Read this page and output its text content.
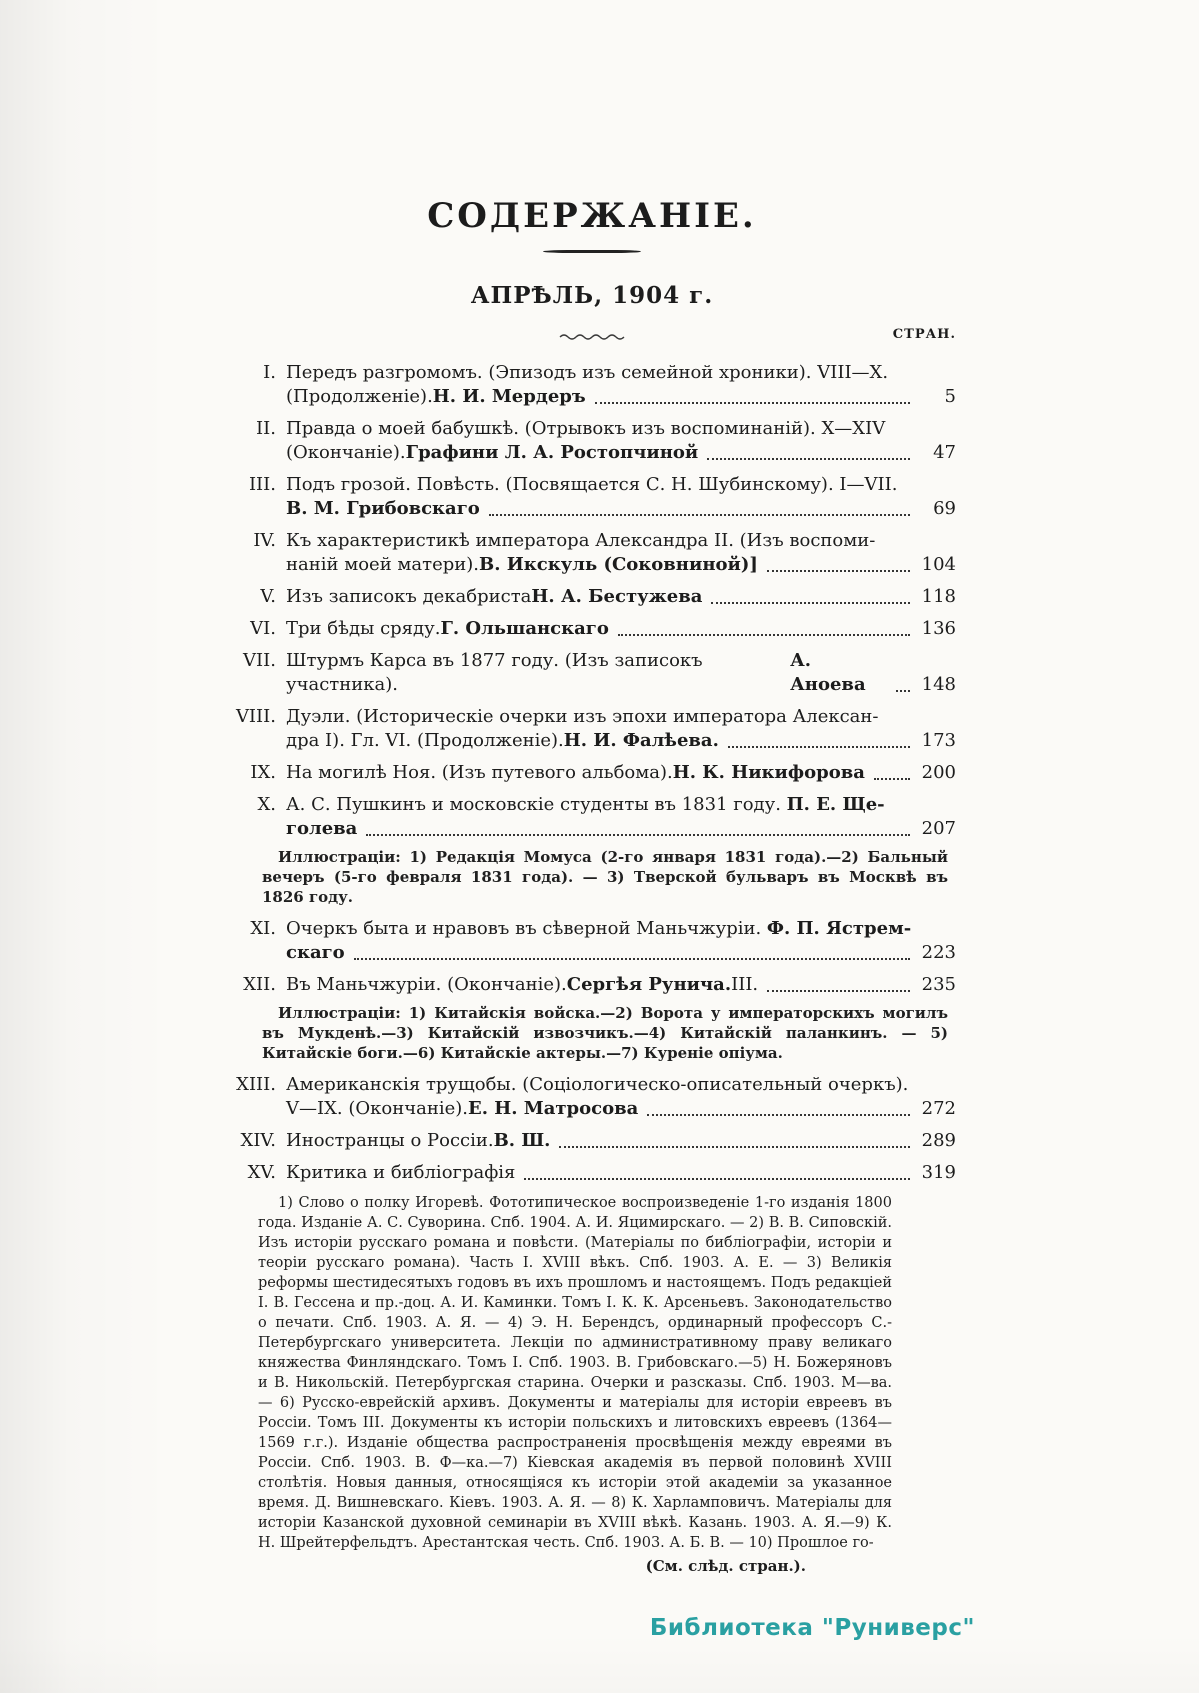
СОДЕРЖАНІЕ.
АПРѢЛЬ, 1904 г.
СТРАН.
I. Передъ разгромомъ. (Эпизодъ изъ семейной хроники). VIII—X.
(Продолженіе). Н. И. Мердеръ	5
II. Правда о моей бабушкѣ. (Отрывокъ изъ воспоминаній). X—XIV
(Окончаніе). Графини Л. А. Ростопчиной	47
III. Подъ грозой. Повѣсть. (Посвящается С. Н. Шубинскому). I—VII.
В. М. Грибовскаго	69
IV. Къ характеристикѣ императора Александра II. (Изъ воспоми-
наній моей матери). В. Икскуль (Соковниной)]	104
V. Изъ записокъ декабриста Н. А. Бестужева	118
VI. Три бѣды сряду. Г. Ольшанскаго	136
VII. Штурмъ Карса въ 1877 году. (Изъ записокъ участника).
А. Аноева	148
VIII. Дуэли. (Историческіе очерки изъ эпохи императора Алексан-
дра I). Гл. VI. (Продолженіе). Н. И. Фалѣева.	173
IX. На могилѣ Ноя. (Изъ путевого альбома). Н. К. Никифорова	200
X. А. С. Пушкинъ и московскіе студенты въ 1831 году. П. Е. Ще-
голева	207
Иллюстраціи: 1) Редакція Момуса (2-го января 1831 года).—2) Бальный вечеръ (5-го февраля 1831 года). — 3) Тверской бульваръ въ Москвѣ въ 1826 году.
XI. Очеркъ быта и нравовъ въ сѣверной Маньчжуріи. Ф. П. Ястрем-
скаго	223
XII. Въ Маньчжуріи. (Окончаніе). Сергѣя Рунича. III.	235
Иллюстраціи: 1) Китайскія войска.—2) Ворота у императорскихъ могилъ въ Мукденѣ.—3) Китайскій извозчикъ.—4) Китайскій паланкинъ. — 5) Китайскіе боги.—6) Китайскіе актеры.—7) Куреніе опіума.
XIII. Американскія трущобы. (Соціологическо-описательный очеркъ).
V—IX. (Окончаніе). Е. Н. Матросова	272
XIV. Иностранцы о Россіи. В. Ш.	289
XV. Критика и библіографія	319
1) Слово о полку Игоревѣ. Фототипическое воспроизведеніе 1-го изданія 1800 года. Изданіе А. С. Суворина. Спб. 1904. А. И. Яцимирскаго. — 2) В. В. Сиповскій. Изъ исторіи русскаго романа и повѣсти. (Матеріалы по библіографіи, исторіи и теоріи русскаго романа). Часть I. XVIII вѣкъ. Спб. 1903. А. Е. — 3) Великія реформы шестидесятыхъ годовъ въ ихъ прошломъ и настоящемъ. Подъ редакціей І. В. Гессена и пр.-доц. А. И. Каминки. Томъ I. К. К. Арсеньевъ. Законодательство о печати. Спб. 1903. А. Я. — 4) Э. Н. Берендсъ, ординарный профессоръ С.-Петербургскаго университета. Лекціи по административному праву великаго княжества Финляндскаго. Томъ I. Спб. 1903. В. Грибовскаго.—5) Н. Божеряновъ и В. Никольскій. Петербургская старина. Очерки и разсказы. Спб. 1903. М—ва. — 6) Русско-еврейскій архивъ. Документы и матеріалы для исторіи евреевъ въ Россіи. Томъ III. Документы къ исторіи польскихъ и литовскихъ евреевъ (1364—1569 г.г.). Изданіе общества распространенія просвѣщенія между евреями въ Россіи. Спб. 1903. В. Ф—ка.—7) Кіевская академія въ первой половинѣ XVIII столѣтія. Новыя данныя, относящіяся къ исторіи этой академіи за указанное время. Д. Вишневскаго. Кіевъ. 1903. А. Я. — 8) К. Харламповичъ. Матеріалы для исторіи Казанской духовной семинаріи въ XVIII вѣкѣ. Казань. 1903. А. Я.—9) К. Н. Шрейтерфельдтъ. Арестантская честь. Спб. 1903. А. Б. В. — 10) Прошлое го-
(См. слѣд. стран.).
Библиотека "Руниверс"
